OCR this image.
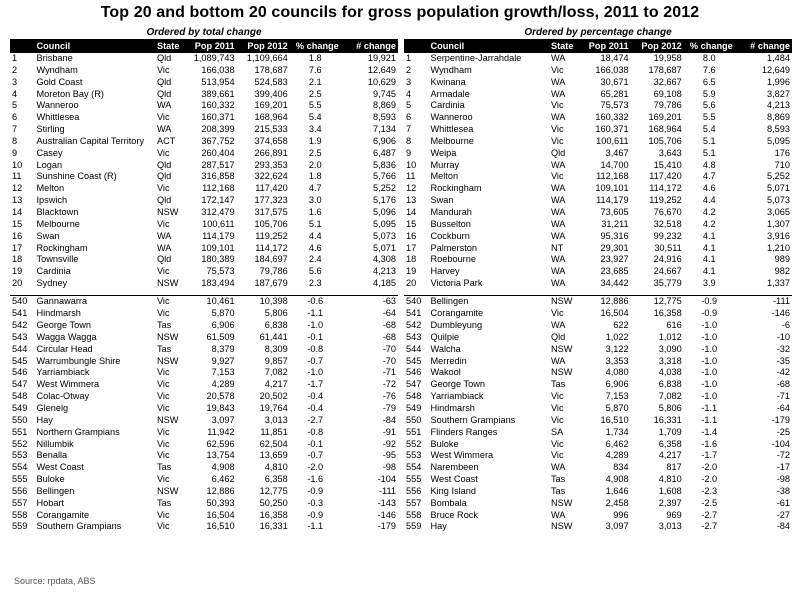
Top 20 and bottom 20 councils for gross population growth/loss, 2011 to 2012
Ordered by total change	Ordered by percentage change
	Council	State	Pop 2011	Pop 2012	% change	# change
1	Brisbane	Qld	1,089,743	1,109,664	1.8	19,921
2	Wyndham	Vic	166,038	178,687	7.6	12,649
3	Gold Coast	Qld	513,954	524,583	2.1	10,629
4	Moreton Bay (R)	Qld	389,661	399,406	2.5	9,745
5	Wanneroo	WA	160,332	169,201	5.5	8,869
6	Whittlesea	Vic	160,371	168,964	5.4	8,593
7	Stirling	WA	208,399	215,533	3.4	7,134
8	Australian Capital Territory	ACT	367,752	374,658	1.9	6,906
9	Casey	Vic	260,404	266,891	2.5	6,487
10	Logan	Qld	287,517	293,353	2.0	5,836
11	Sunshine Coast (R)	Qld	316,858	322,624	1.8	5,766
12	Melton	Vic	112,168	117,420	4.7	5,252
13	Ipswich	Qld	172,147	177,323	3.0	5,176
14	Blacktown	NSW	312,479	317,575	1.6	5,096
15	Melbourne	Vic	100,611	105,706	5.1	5,095
16	Swan	WA	114,179	119,252	4.4	5,073
17	Rockingham	WA	109,101	114,172	4.6	5,071
18	Townsville	Qld	180,389	184,697	2.4	4,308
19	Cardinia	Vic	75,573	79,786	5.6	4,213
20	Sydney	NSW	183,494	187,679	2.3	4,185

540	Gannawarra	Vic	10,461	10,398	-0.6	-63
541	Hindmarsh	Vic	5,870	5,806	-1.1	-64
542	George Town	Tas	6,906	6,838	-1.0	-68
543	Wagga Wagga	NSW	61,509	61,441	-0.1	-68
544	Circular Head	Tas	8,379	8,309	-0.8	-70
545	Warrumbungle Shire	NSW	9,927	9,857	-0.7	-70
546	Yarriambiack	Vic	7,153	7,082	-1.0	-71
547	West Wimmera	Vic	4,289	4,217	-1.7	-72
548	Colac-Otway	Vic	20,578	20,502	-0.4	-76
549	Glenelg	Vic	19,843	19,764	-0.4	-79
550	Hay	NSW	3,097	3,013	-2.7	-84
551	Northern Grampians	Vic	11,942	11,851	-0.8	-91
552	Nillumbik	Vic	62,596	62,504	-0.1	-92
553	Benalla	Vic	13,754	13,659	-0.7	-95
554	West Coast	Tas	4,908	4,810	-2.0	-98
555	Buloke	Vic	6,462	6,358	-1.6	-104
556	Bellingen	NSW	12,886	12,775	-0.9	-111
557	Hobart	Tas	50,393	50,250	-0.3	-143
558	Corangamite	Vic	16,504	16,358	-0.9	-146
559	Southern Grampians	Vic	16,510	16,331	-1.1	-179
	Council	State	Pop 2011	Pop 2012	% change	# change
1	Serpentine-Jarrahdale	WA	18,474	19,958	8.0	1,484
2	Wyndham	Vic	166,038	178,687	7.6	12,649
3	Kwinana	WA	30,671	32,667	6.5	1,996
4	Armadale	WA	65,281	69,108	5.9	3,827
5	Cardinia	Vic	75,573	79,786	5.6	4,213
6	Wanneroo	WA	160,332	169,201	5.5	8,869
7	Whittlesea	Vic	160,371	168,964	5.4	8,593
8	Melbourne	Vic	100,611	105,706	5.1	5,095
9	Weipa	Qld	3,467	3,643	5.1	176
10	Murray	WA	14,700	15,410	4.8	710
11	Melton	Vic	112,168	117,420	4.7	5,252
12	Rockingham	WA	109,101	114,172	4.6	5,071
13	Swan	WA	114,179	119,252	4.4	5,073
14	Mandurah	WA	73,605	76,670	4.2	3,065
15	Busselton	WA	31,211	32,518	4.2	1,307
16	Cockburn	WA	95,316	99,232	4.1	3,916
17	Palmerston	NT	29,301	30,511	4.1	1,210
18	Roebourne	WA	23,927	24,916	4.1	989
19	Harvey	WA	23,685	24,667	4.1	982
20	Victoria Park	WA	34,442	35,779	3.9	1,337

540	Bellingen	NSW	12,886	12,775	-0.9	-111
541	Corangamite	Vic	16,504	16,358	-0.9	-146
542	Dumbleyung	WA	622	616	-1.0	-6
543	Quilpie	Qld	1,022	1,012	-1.0	-10
544	Walcha	NSW	3,122	3,090	-1.0	-32
545	Merredin	WA	3,353	3,318	-1.0	-35
546	Wakool	NSW	4,080	4,038	-1.0	-42
547	George Town	Tas	6,906	6,838	-1.0	-68
548	Yarriambiack	Vic	7,153	7,082	-1.0	-71
549	Hindmarsh	Vic	5,870	5,806	-1.1	-64
550	Southern Grampians	Vic	16,510	16,331	-1.1	-179
551	Flinders Ranges	SA	1,734	1,709	-1.4	-25
552	Buloke	Vic	6,462	6,358	-1.6	-104
553	West Wimmera	Vic	4,289	4,217	-1.7	-72
554	Narembeen	WA	834	817	-2.0	-17
555	West Coast	Tas	4,908	4,810	-2.0	-98
556	King Island	Tas	1,646	1,608	-2.3	-38
557	Bombala	NSW	2,458	2,397	-2.5	-61
558	Bruce Rock	WA	996	969	-2.7	-27
559	Hay	NSW	3,097	3,013	-2.7	-84
Source: rpdata, ABS
